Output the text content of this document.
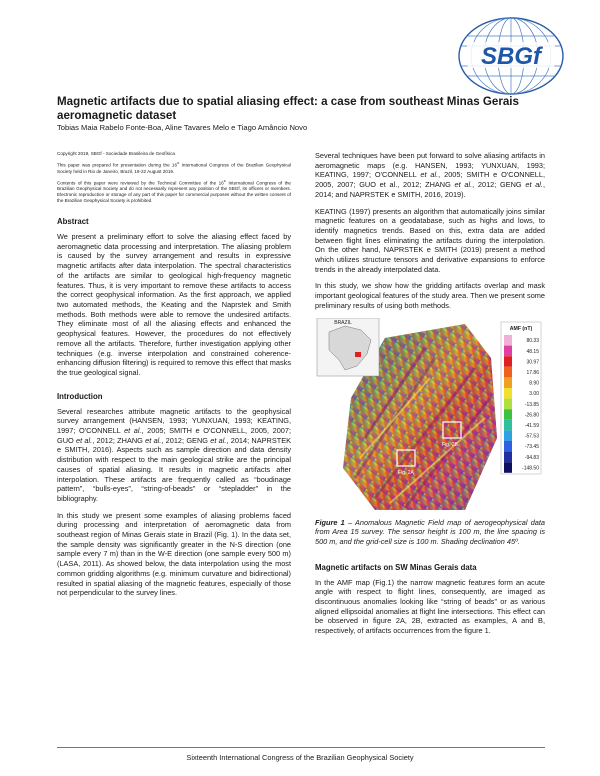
SBGf
Magnetic artifacts due to spatial aliasing effect: a case from southeast Minas Gerais aeromagnetic dataset
Tobias Maia Rabelo Fonte-Boa, Aline Tavares Melo e Tiago Amâncio Novo

Copyright 2019, SBGf - Sociedade Brasileira de Geofísica

This paper was prepared for presentation during the 16th International Congress of the Brazilian Geophysical Society held in Rio de Janeiro, Brazil, 19-22 August 2019.

Contents of this paper were reviewed by the Technical Committee of the 16th International Congress of the Brazilian Geophysical Society and do not necessarily represent any position of the SBGf, its officers or members. Electronic reproduction or storage of any part of this paper for commercial purposes without the written consent of the Brazilian Geophysical Society is prohibited.

Abstract

We present a preliminary effort to solve the aliasing effect faced by aeromagnetic data processing and interpretation. The aliasing problem is caused by the survey arrangement and results in expressive magnetic artifacts after data interpolation. The spectral characteristics of the artifacts are similar to geological high-frequency magnetic features. Thus, it is very important to remove these artifacts to access the correct geophysical information. As the first approach, we applied two automated methods, the Keating and the Naprstek and Smith methods. Both methods were able to remove the undesired artifacts. They eliminate most of all the aliasing effects and enhanced the geophysical features. However, the procedures do not effectively remove all the artifacts. Therefore, further investigation applying other techniques (e.g. inverse interpolation and constrained coherence-enhancing diffusion filtering) is required to remove this effect that masks the true geological signal.

Introduction

Several researches attribute magnetic artifacts to the geophysical survey arrangement (HANSEN, 1993; YUNXUAN, 1993; KEATING, 1997; O'CONNELL et al., 2005; SMITH e O'CONNELL, 2005, 2007; GUO et al., 2012; ZHANG et al., 2012; GENG et al., 2014; NAPRSTEK e SMITH, 2016). Aspects such as sample direction and data density distribution with respect to the main geological strike are the principal causes of spatial aliasing. It results in magnetic artifacts after interpolation. These artifacts are frequently called as “boudinage pattern”, “bulls-eyes”, “string-of-beads” or “stepladder” in the bibliography.

In this study we present some examples of aliasing problems faced during processing and interpretation of aeromagnetic data from southeast region of Minas Gerais state in Brazil (Fig. 1). In the data set, the sample density was significantly greater in the N-S direction (one sample every 7 m) than in the W-E direction (one sample every 500 m) (LASA, 2011). As showed below, the data interpolation using the most common gridding algorithms (e.g. minimum curvature and bidirectional) resulted in spatial aliasing of the magnetic features, especially of those not perpendicular to the survey lines.

Several techniques have been put forward to solve aliasing artifacts in aeromagnetic maps (e.g. HANSEN, 1993; YUNXUAN, 1993; KEATING, 1997; O'CONNELL et al., 2005; SMITH e O'CONNELL, 2005, 2007; GUO et al., 2012; ZHANG et al., 2012; GENG et al., 2014; and NAPRSTEK e SMITH, 2016, 2019).

KEATING (1997) presents an algorithm that automatically joins similar magnetic features on a geodatabase, such as highs and lows, to identify magnetics trends. Based on this, extra data are added between flight lines eliminating the artifacts during the interpolation. On the other hand, NAPRSTEK e SMITH (2019) present a method which utilizes structure tensors and derivative expansions to enforce trends in the already interpolated data.

In this study, we show how the gridding artifacts overlap and mask important geological features of the study area. Then we present some preliminary results of using both methods.

BRAZIL
Fig. 2A
Fig. 2B
AMF (nT)
80.33
48.15
30.97
17.86
8.90
3.00
-13.85
-26.80
-41.59
-57.53
-73.45
-94.83
-148.50

Figure 1 – Anomalous Magnetic Field map of aerogeophysical data from Area 15 survey. The sensor height is 100 m, the line spacing is 500 m, and the grid-cell size is 100 m. Shading declination 45º.

Magnetic artifacts on SW Minas Gerais data

In the AMF map (Fig.1) the narrow magnetic features form an acute angle with respect to flight lines, consequently, are imaged as discontinuous anomalies looking like “string of beads” or as various aligned ellipsoidal anomalies at flight line intersections. This effect can be observed in figure 2A, 2B, extracted as examples, A and B, respectively, of artifacts occurrences from the figure 1.

Sixteenth International Congress of the Brazilian Geophysical Society
